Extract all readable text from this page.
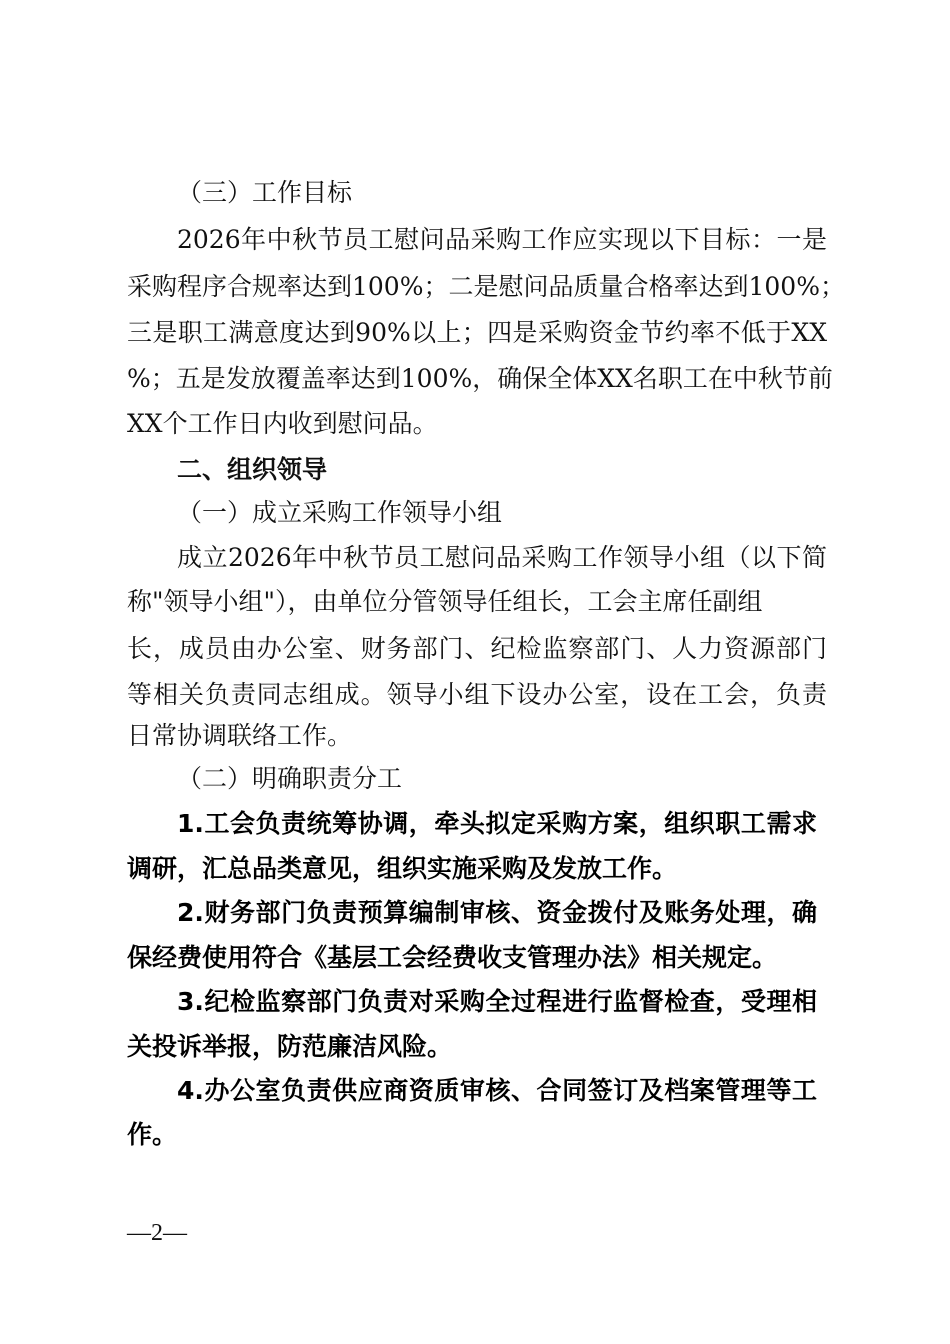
（三）工作目标
2026年中秋节员工慰问品采购工作应实现以下目标：一是
采购程序合规率达到100%；二是慰问品质量合格率达到100%；
三是职工满意度达到90%以上；四是采购资金节约率不低于XX
%；五是发放覆盖率达到100%，确保全体XX名职工在中秋节前
XX个工作日内收到慰问品。
二、组织领导
（一）成立采购工作领导小组
成立2026年中秋节员工慰问品采购工作领导小组（以下简
称"领导小组"），由单位分管领导任组长，工会主席任副组
长，成员由办公室、财务部门、纪检监察部门、人力资源部门
等相关负责同志组成。领导小组下设办公室，设在工会，负责
日常协调联络工作。
（二）明确职责分工
1.工会负责统筹协调，牵头拟定采购方案，组织职工需求
调研，汇总品类意见，组织实施采购及发放工作。
2.财务部门负责预算编制审核、资金拨付及账务处理，确
保经费使用符合《基层工会经费收支管理办法》相关规定。
3.纪检监察部门负责对采购全过程进行监督检查，受理相
关投诉举报，防范廉洁风险。
4.办公室负责供应商资质审核、合同签订及档案管理等工
作。
—2—
